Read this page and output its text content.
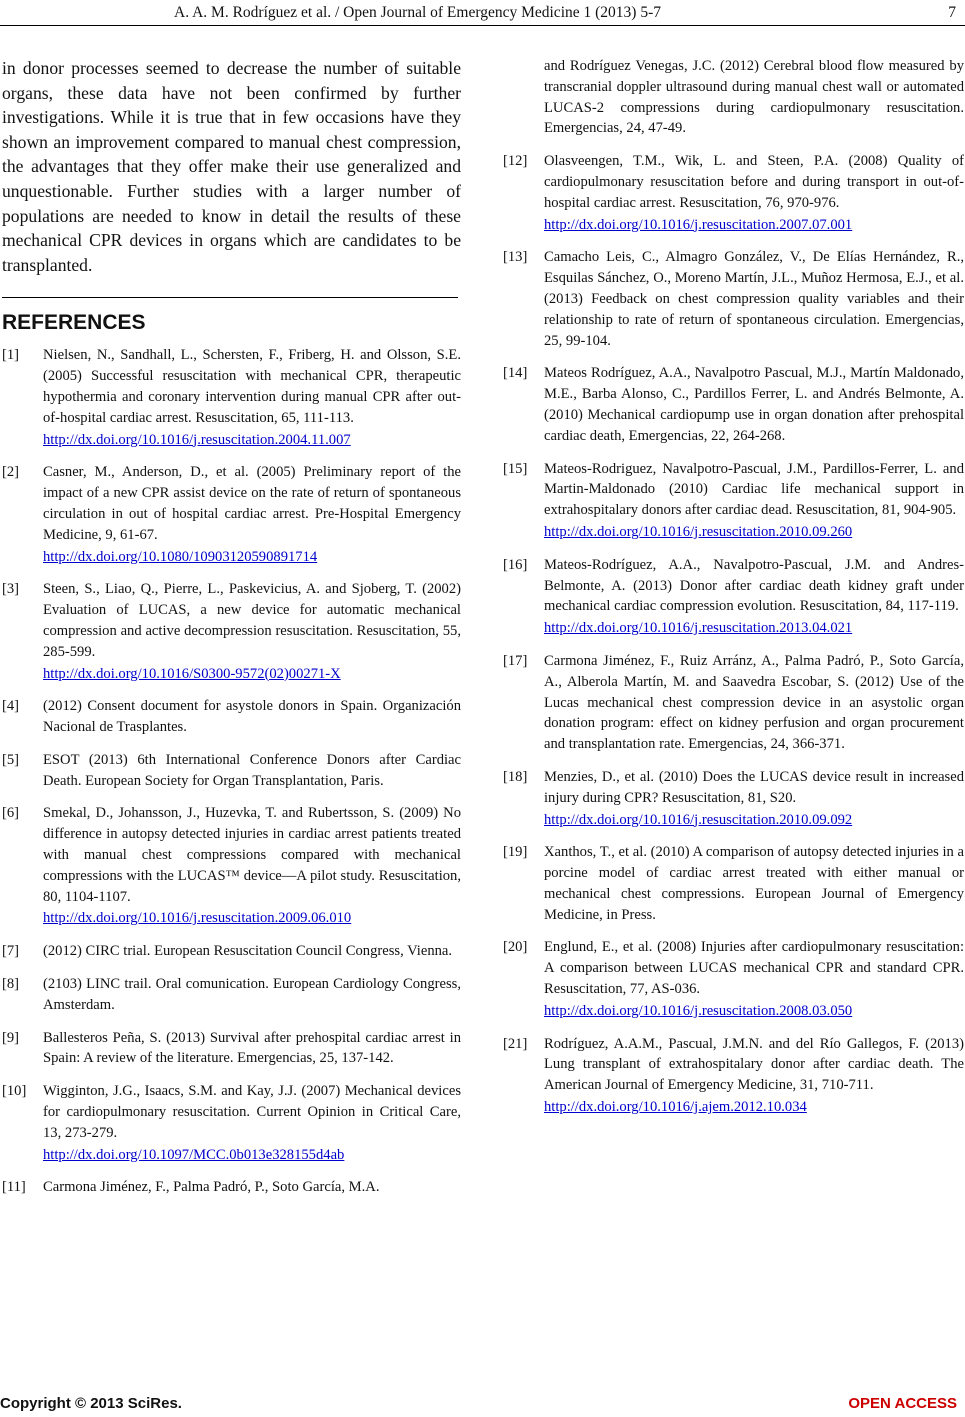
A. A. M. Rodríguez et al. / Open Journal of Emergency Medicine 1 (2013) 5-7	7

in donor processes seemed to decrease the number of suitable organs, these data have not been confirmed by further investigations. While it is true that in few occasions have they shown an improvement compared to manual chest compression, the advantages that they offer make their use generalized and unquestionable. Further studies with a larger number of populations are needed to know in detail the results of these mechanical CPR devices in organs which are candidates to be transplanted.

REFERENCES
[1]	Nielsen, N., Sandhall, L., Schersten, F., Friberg, H. and Olsson, S.E. (2005) Successful resuscitation with mechanical CPR, therapeutic hypothermia and coronary intervention during manual CPR after out-of-hospital cardiac arrest. Resuscitation, 65, 111-113.
http://dx.doi.org/10.1016/j.resuscitation.2004.11.007
[2]	Casner, M., Anderson, D., et al. (2005) Preliminary report of the impact of a new CPR assist device on the rate of return of spontaneous circulation in out of hospital cardiac arrest. Pre-Hospital Emergency Medicine, 9, 61-67.
http://dx.doi.org/10.1080/10903120590891714
[3]	Steen, S., Liao, Q., Pierre, L., Paskevicius, A. and Sjoberg, T. (2002) Evaluation of LUCAS, a new device for automatic mechanical compression and active decompression resuscitation. Resuscitation, 55, 285-599.
http://dx.doi.org/10.1016/S0300-9572(02)00271-X
[4]	(2012) Consent document for asystole donors in Spain. Organización Nacional de Trasplantes.
[5]	ESOT (2013) 6th International Conference Donors after Cardiac Death. European Society for Organ Transplantation, Paris.
[6]	Smekal, D., Johansson, J., Huzevka, T. and Rubertsson, S. (2009) No difference in autopsy detected injuries in cardiac arrest patients treated with manual chest compressions compared with mechanical compressions with the LUCAS™ device—A pilot study. Resuscitation, 80, 1104-1107.
http://dx.doi.org/10.1016/j.resuscitation.2009.06.010
[7]	(2012) CIRC trial. European Resuscitation Council Congress, Vienna.
[8]	(2103) LINC trail. Oral comunication. European Cardiology Congress, Amsterdam.
[9]	Ballesteros Peña, S. (2013) Survival after prehospital cardiac arrest in Spain: A review of the literature. Emergencias, 25, 137-142.
[10]	Wigginton, J.G., Isaacs, S.M. and Kay, J.J. (2007) Mechanical devices for cardiopulmonary resuscitation. Current Opinion in Critical Care, 13, 273-279.
http://dx.doi.org/10.1097/MCC.0b013e328155d4ab
[11]	Carmona Jiménez, F., Palma Padró, P., Soto García, M.A.
and Rodríguez Venegas, J.C. (2012) Cerebral blood flow measured by transcranial doppler ultrasound during manual chest wall or automated LUCAS-2 compressions during cardiopulmonary resuscitation. Emergencias, 24, 47-49.
[12]	Olasveengen, T.M., Wik, L. and Steen, P.A. (2008) Quality of cardiopulmonary resuscitation before and during transport in out-of-hospital cardiac arrest. Resuscitation, 76, 970-976.
http://dx.doi.org/10.1016/j.resuscitation.2007.07.001
[13]	Camacho Leis, C., Almagro González, V., De Elías Hernández, R., Esquilas Sánchez, O., Moreno Martín, J.L., Muñoz Hermosa, E.J., et al. (2013) Feedback on chest compression quality variables and their relationship to rate of return of spontaneous circulation. Emergencias, 25, 99-104.
[14]	Mateos Rodríguez, A.A., Navalpotro Pascual, M.J., Martín Maldonado, M.E., Barba Alonso, C., Pardillos Ferrer, L. and Andrés Belmonte, A. (2010) Mechanical cardiopump use in organ donation after prehospital cardiac death, Emergencias, 22, 264-268.
[15]	Mateos-Rodriguez, Navalpotro-Pascual, J.M., Pardillos-Ferrer, L. and Martin-Maldonado (2010) Cardiac life mechanical support in extrahospitalary donors after cardiac dead. Resuscitation, 81, 904-905.
http://dx.doi.org/10.1016/j.resuscitation.2010.09.260
[16]	Mateos-Rodríguez, A.A., Navalpotro-Pascual, J.M. and Andres-Belmonte, A. (2013) Donor after cardiac death kidney graft under mechanical cardiac compression evolution. Resuscitation, 84, 117-119.
http://dx.doi.org/10.1016/j.resuscitation.2013.04.021
[17]	Carmona Jiménez, F., Ruiz Arránz, A., Palma Padró, P., Soto García, A., Alberola Martín, M. and Saavedra Escobar, S. (2012) Use of the Lucas mechanical chest compression device in an asystolic organ donation program: effect on kidney perfusion and organ procurement and transplantation rate. Emergencias, 24, 366-371.
[18]	Menzies, D., et al. (2010) Does the LUCAS device result in increased injury during CPR? Resuscitation, 81, S20.
http://dx.doi.org/10.1016/j.resuscitation.2010.09.092
[19]	Xanthos, T., et al. (2010) A comparison of autopsy detected injuries in a porcine model of cardiac arrest treated with either manual or mechanical chest compressions. European Journal of Emergency Medicine, in Press.
[20]	Englund, E., et al. (2008) Injuries after cardiopulmonary resuscitation: A comparison between LUCAS mechanical CPR and standard CPR. Resuscitation, 77, AS-036.
http://dx.doi.org/10.1016/j.resuscitation.2008.03.050
[21]	Rodríguez, A.A.M., Pascual, J.M.N. and del Río Gallegos, F. (2013) Lung transplant of extrahospitalary donor after cardiac death. The American Journal of Emergency Medicine, 31, 710-711.
http://dx.doi.org/10.1016/j.ajem.2012.10.034
Copyright © 2013 SciRes.	OPEN ACCESS
